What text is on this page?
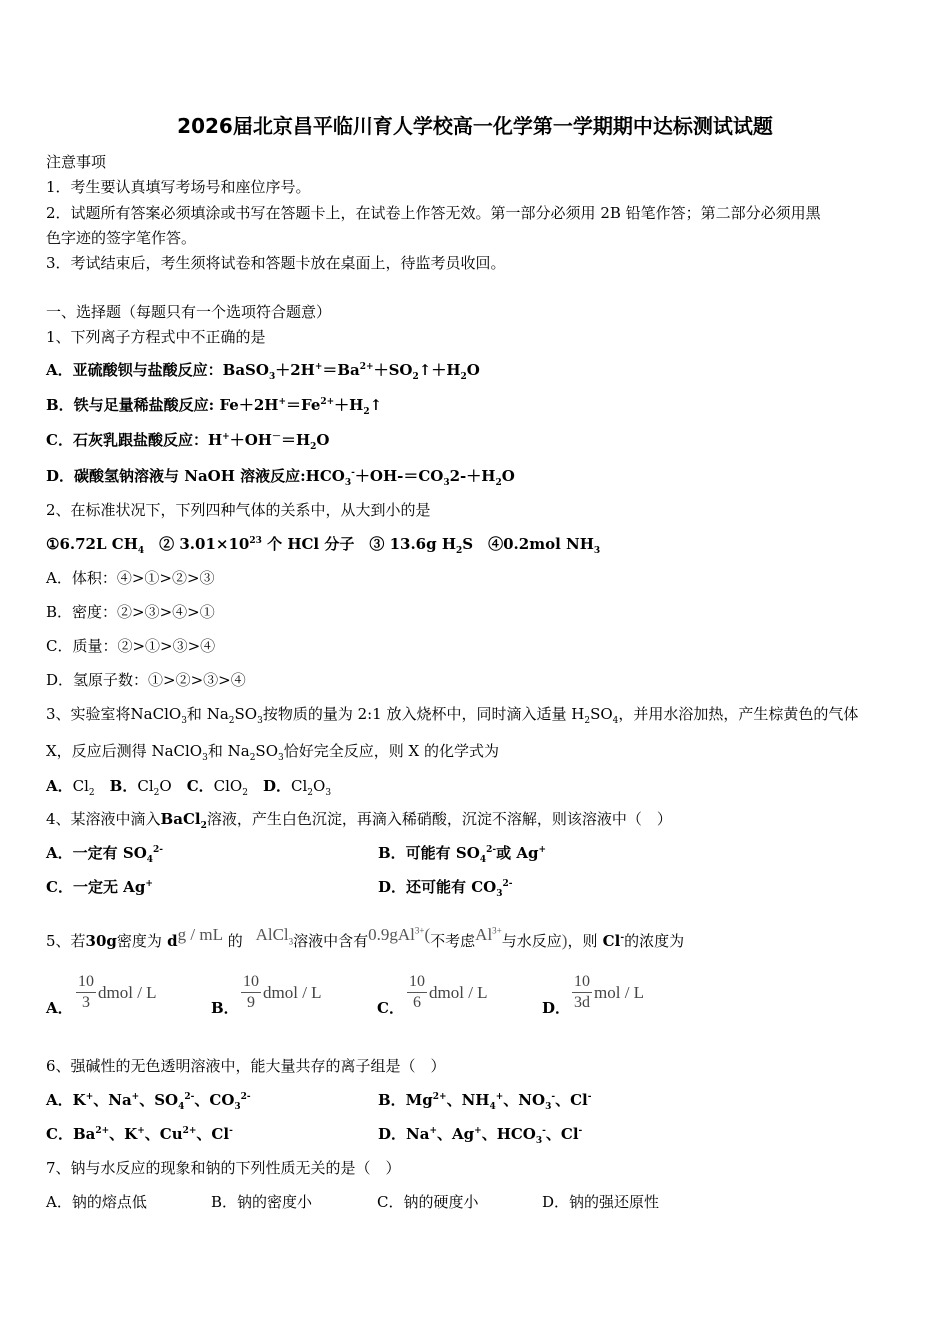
2026届北京昌平临川育人学校高一化学第一学期期中达标测试试题
注意事项
1．考生要认真填写考场号和座位序号。
2．试题所有答案必须填涂或书写在答题卡上，在试卷上作答无效。第一部分必须用 2B 铅笔作答；第二部分必须用黑
色字迹的签字笔作答。
3．考试结束后，考生须将试卷和答题卡放在桌面上，待监考员收回。
一、选择题（每题只有一个选项符合题意）
1、下列离子方程式中不正确的是
A．亚硫酸钡与盐酸反应：$BaSO_3+2H^+=Ba^{2+}+SO_2↑+H_2O$
B．铁与足量稀盐酸反应: $Fe+2H^+=Fe^{2+}+H_2↑$
C．石灰乳跟盐酸反应：$H^++OH^-=H_2O$
D．碳酸氢钠溶液与 NaOH 溶液反应$:HCO_3^-+OH-=CO_32-+H_2O$
2、在标准状况下，下列四种气体的关系中，从大到小的是
①6.72L $CH_4$　② $3.01\times 10^{23}$ 个 HCl 分子　③ 13.6g $H_2S$　④0.2mol $NH_3$
A．体积：④>①>②>③
B．密度：②>③>④>①
C．质量：②>①>③>④
D．氢原子数：①>②>③>④
3、实验室将NaClO$_3$和 $Na_2SO_3$按物质的量为 2:1 放入烧杯中，同时滴入适量 $H_2SO_4$，并用水浴加热，产生棕黄色的气体
X，反应后测得 NaClO$_3$和 $Na_2SO_3$恰好完全反应，则 X 的化学式为
A．$Cl_2$　 B．$Cl_2O$　C．ClO$_2$　 D．$Cl_2O_3$
4、某溶液中滴入BaCl$_2$溶液，产生白色沉淀，再滴入稀硝酸，沉淀不溶解，则该溶液中（　）
A．一定有 $SO_4^{2-}$	B．可能有 $SO_4^{2-}$或 Ag+
C．一定无 Ag+	D．还可能有 $CO_3^{2-}$
5、若30g密度为 dg / mL 的 AlCl$_3$溶液中含有0.9gAl$^{3+}$(不考虑$Al^{3+}$与水反应)，则 Cl-的浓度为
A． $\frac{10}{3}$ dmol / L
B． $\frac{10}{9}$ dmol / L
C． $\frac{10}{6}$ dmol / L
D． $\frac{10}{3d}$ mol / L
6、强碱性的无色透明溶液中，能大量共存的离子组是（　）
A．K+、Na+、$SO_4^{2-}$、$CO_3^{2-}$	B．$Mg^{2+}$、$NH_4^+$、$NO_3^-$、Cl-
C．$Ba^{2+}$、K+、$Cu^{2+}$、Cl-	D．Na+、Ag+、$HCO_3^-$、Cl-
7、钠与水反应的现象和钠的下列性质无关的是（　）
A．钠的熔点低	B．钠的密度小	C．钠的硬度小	D．钠的强还原性
